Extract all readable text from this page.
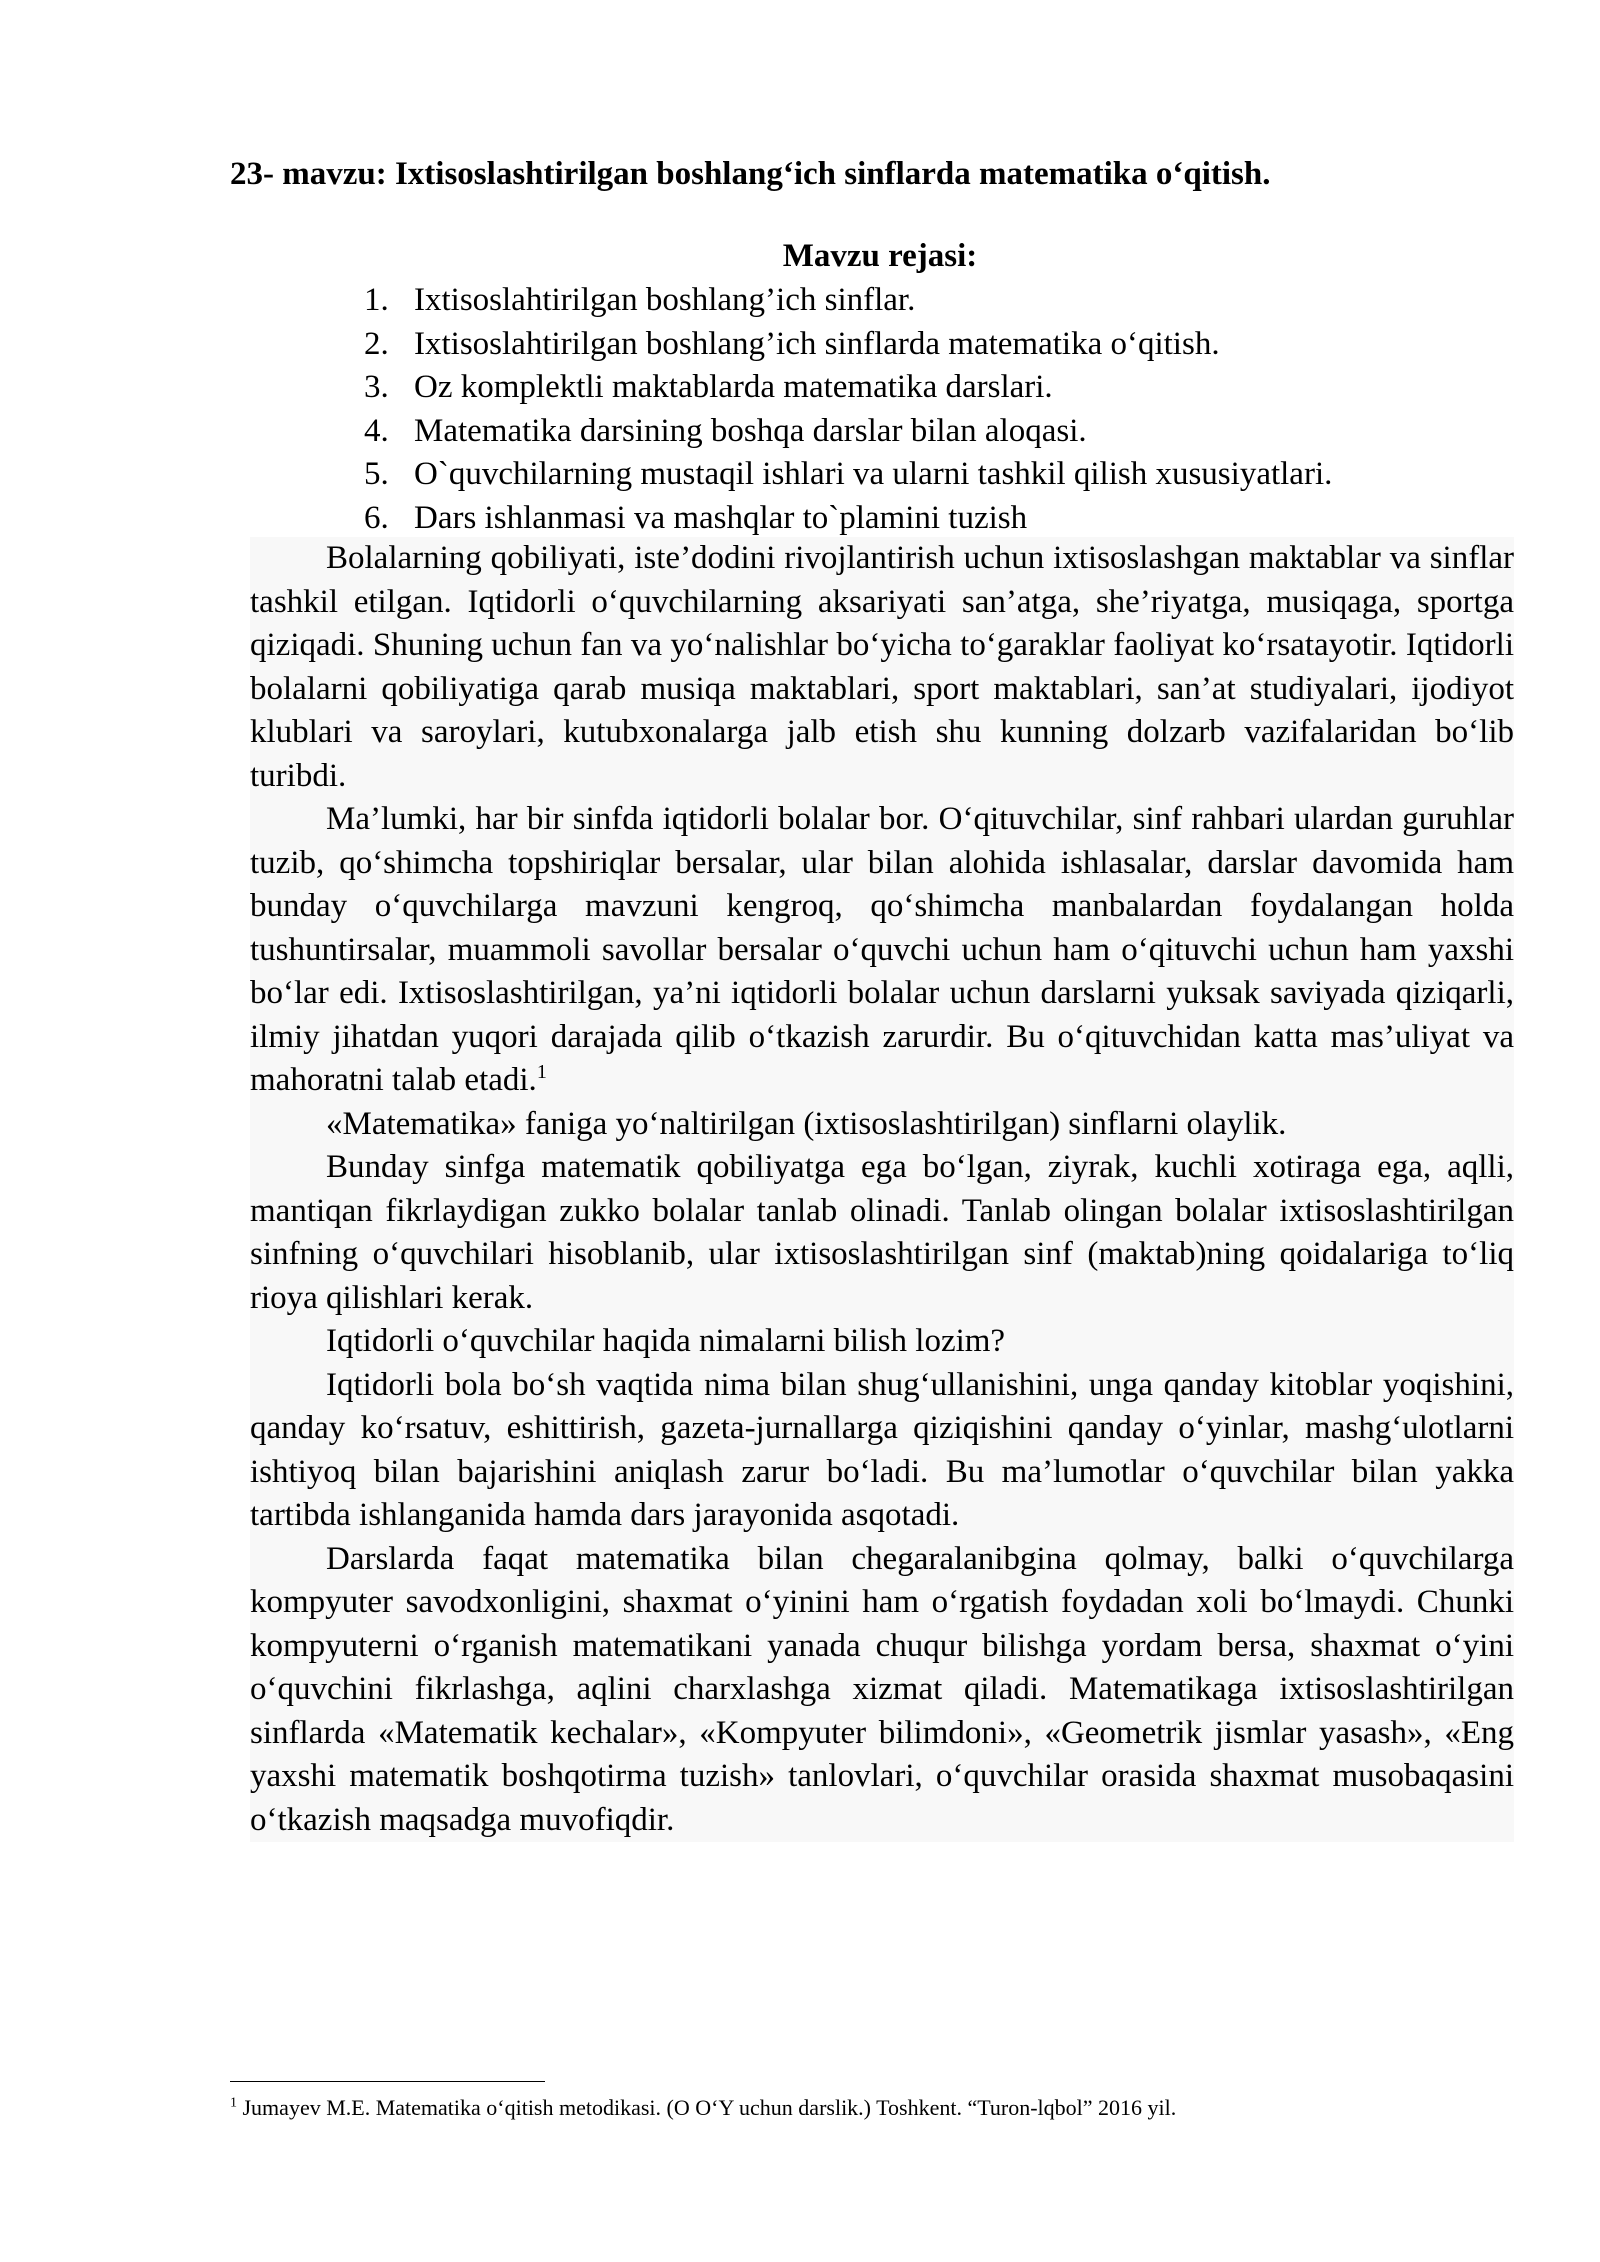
23- mavzu: Ixtisoslashtirilgan boshlang‘ich sinflarda matematika o‘qitish.
Mavzu rejasi:
1. Ixtisoslahtirilgan boshlang’ich sinflar.
2. Ixtisoslahtirilgan boshlang’ich sinflarda matematika o‘qitish.
3. Oz komplektli maktablarda matematika darslari.
4. Matematika darsining boshqa darslar bilan aloqasi.
5. O`quvchilarning mustaqil ishlari va ularni tashkil qilish xususiyatlari.
6. Dars ishlanmasi va mashqlar to`plamini tuzish

Bolalarning qobiliyati, iste’dodini rivojlantirish uchun ixtisoslashgan maktablar va sinflar tashkil etilgan. Iqtidorli o‘quvchilarning aksariyati san’atga, she’riyatga, musiqaga, sportga qiziqadi. Shuning uchun fan va yo‘nalishlar bo‘yicha to‘garaklar faoliyat ko‘rsatayotir. Iqtidorli bolalarni qobiliyatiga qarab musiqa maktablari, sport maktablari, san’at studiyalari, ijodiyot klublari va saroylari, kutubxonalarga jalb etish shu kunning dolzarb vazifalaridan bo‘lib turibdi.

Ma’lumki, har bir sinfda iqtidorli bolalar bor. O‘qituvchilar, sinf rahbari ulardan guruhlar tuzib, qo‘shimcha topshiriqlar bersalar, ular bilan alohida ishlasalar, darslar davomida ham bunday o‘quvchilarga mavzuni kengroq, qo‘shimcha manbalardan foydalangan holda tushuntirsalar, muammoli savollar bersalar o‘quvchi uchun ham o‘qituvchi uchun ham yaxshi bo‘lar edi. Ixtisoslashtirilgan, ya’ni iqtidorli bolalar uchun darslarni yuksak saviyada qiziqarli, ilmiy jihatdan yuqori darajada qilib o‘tkazish zarurdir. Bu o‘qituvchidan katta mas’uliyat va mahoratni talab etadi.$^1$

«Matematika» faniga yo‘naltirilgan (ixtisoslashtirilgan) sinflarni olaylik.

Bunday sinfga matematik qobiliyatga ega bo‘lgan, ziyrak, kuchli xotiraga ega, aqlli, mantiqan fikrlaydigan zukko bolalar tanlab olinadi. Tanlab olingan bolalar ixtisoslashtirilgan sinfning o‘quvchilari hisoblanib, ular ixtisoslashtirilgan sinf (maktab)ning qoidalariga to‘liq rioya qilishlari kerak.

Iqtidorli o‘quvchilar haqida nimalarni bilish lozim?

Iqtidorli bola bo‘sh vaqtida nima bilan shug‘ullanishini, unga qanday kitoblar yoqishini, qanday ko‘rsatuv, eshittirish, gazeta-jurnallarga qiziqishini qanday o‘yinlar, mashg‘ulotlarni ishtiyoq bilan bajarishini aniqlash zarur bo‘ladi. Bu ma’lumotlar o‘quvchilar bilan yakka tartibda ishlanganida hamda dars jarayonida asqotadi.

Darslarda faqat matematika bilan chegaralanibgina qolmay, balki o‘quvchilarga kompyuter savodxonligini, shaxmat o‘yinini ham o‘rgatish foydadan xoli bo‘lmaydi. Chunki kompyuterni o‘rganish matematikani yanada chuqur bilishga yordam bersa, shaxmat o‘yini o‘quvchini fikrlashga, aqlini charxlashga xizmat qiladi. Matematikaga ixtisoslashtirilgan sinflarda «Matematik kechalar», «Kompyuter bilimdoni», «Geometrik jismlar yasash», «Eng yaxshi matematik boshqotirma tuzish» tanlovlari, o‘quvchilar orasida shaxmat musobaqasini o‘tkazish maqsadga muvofiqdir.

$^1$ Jumayev M.E. Matematika o‘qitish metodikasi. (O O‘Y uchun darslik.) Toshkent. “Turon-lqbol” 2016 yil.
